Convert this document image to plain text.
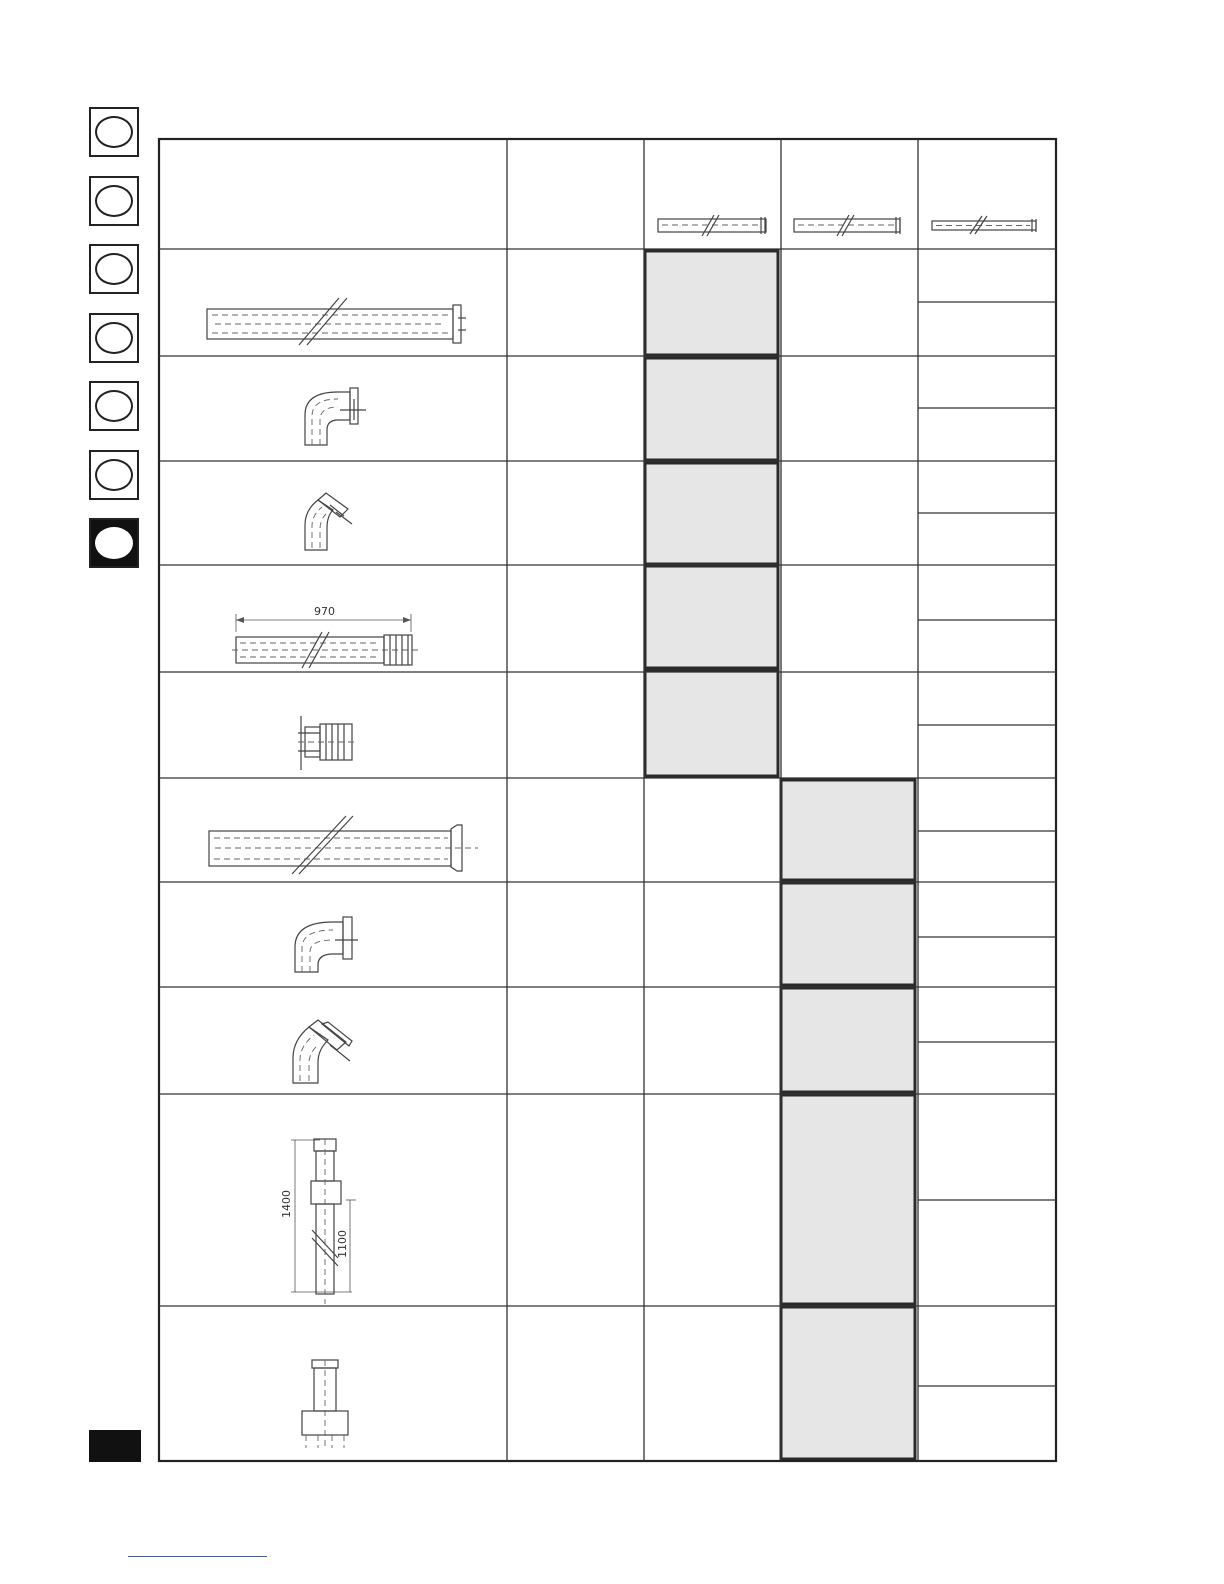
970
1400
1100
